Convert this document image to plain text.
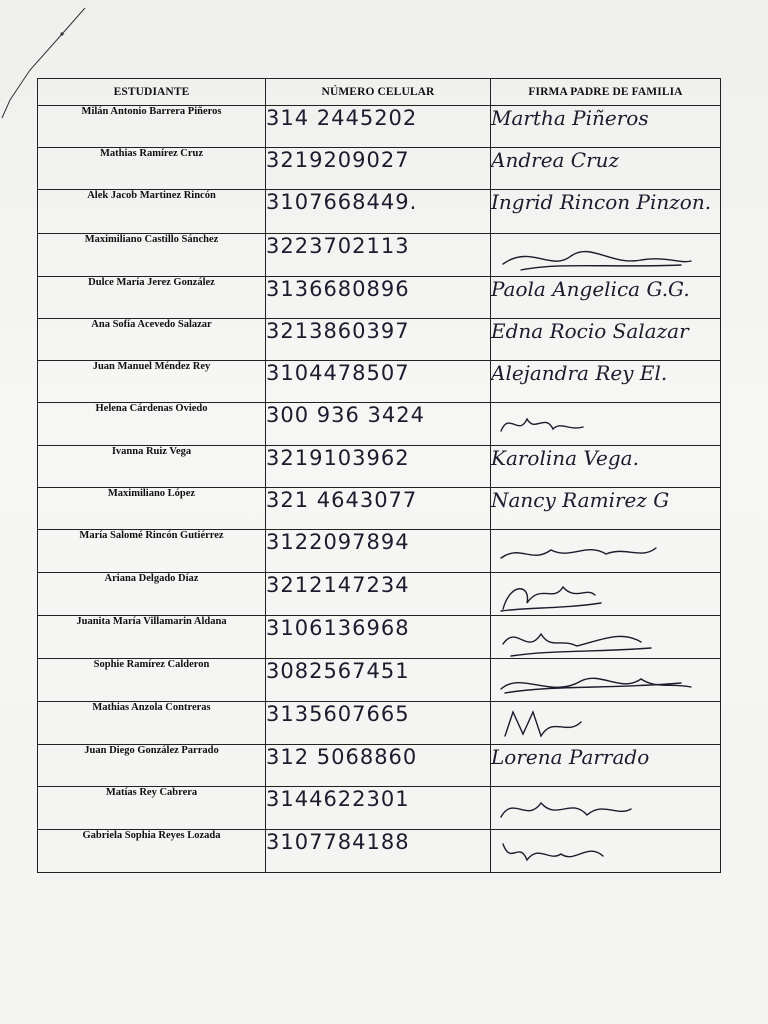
ESTUDIANTE	NÚMERO CELULAR	FIRMA PADRE DE FAMILIA
Milán Antonio Barrera Piñeros	314 2445202	Martha Piñeros
Mathias Ramírez Cruz	3219209027	Andrea Cruz
Alek Jacob Martinez Rincón	3107668449.	Ingrid Rincon Pinzon.
Maximiliano Castillo Sánchez	3223702113	

Dulce María Jerez González	3136680896	Paola Angelica G.G.
Ana Sofía Acevedo Salazar	3213860397	Edna Rocio Salazar
Juan Manuel Méndez Rey	3104478507	Alejandra Rey El.
Helena Cárdenas Oviedo	300 936 3424	

Ivanna Ruiz Vega	3219103962	Karolina Vega.
Maximiliano López	321 4643077	Nancy Ramirez G
María Salomé Rincón Gutiérrez	3122097894	

Ariana Delgado Díaz	3212147234	

Juanita María Villamarin Aldana	3106136968	

Sophie Ramírez Calderon	3082567451	

Mathias Anzola Contreras	3135607665	

Juan Diego González Parrado	312 5068860	Lorena Parrado
Matías Rey Cabrera	3144622301	

Gabriela Sophia Reyes Lozada	3107784188	
